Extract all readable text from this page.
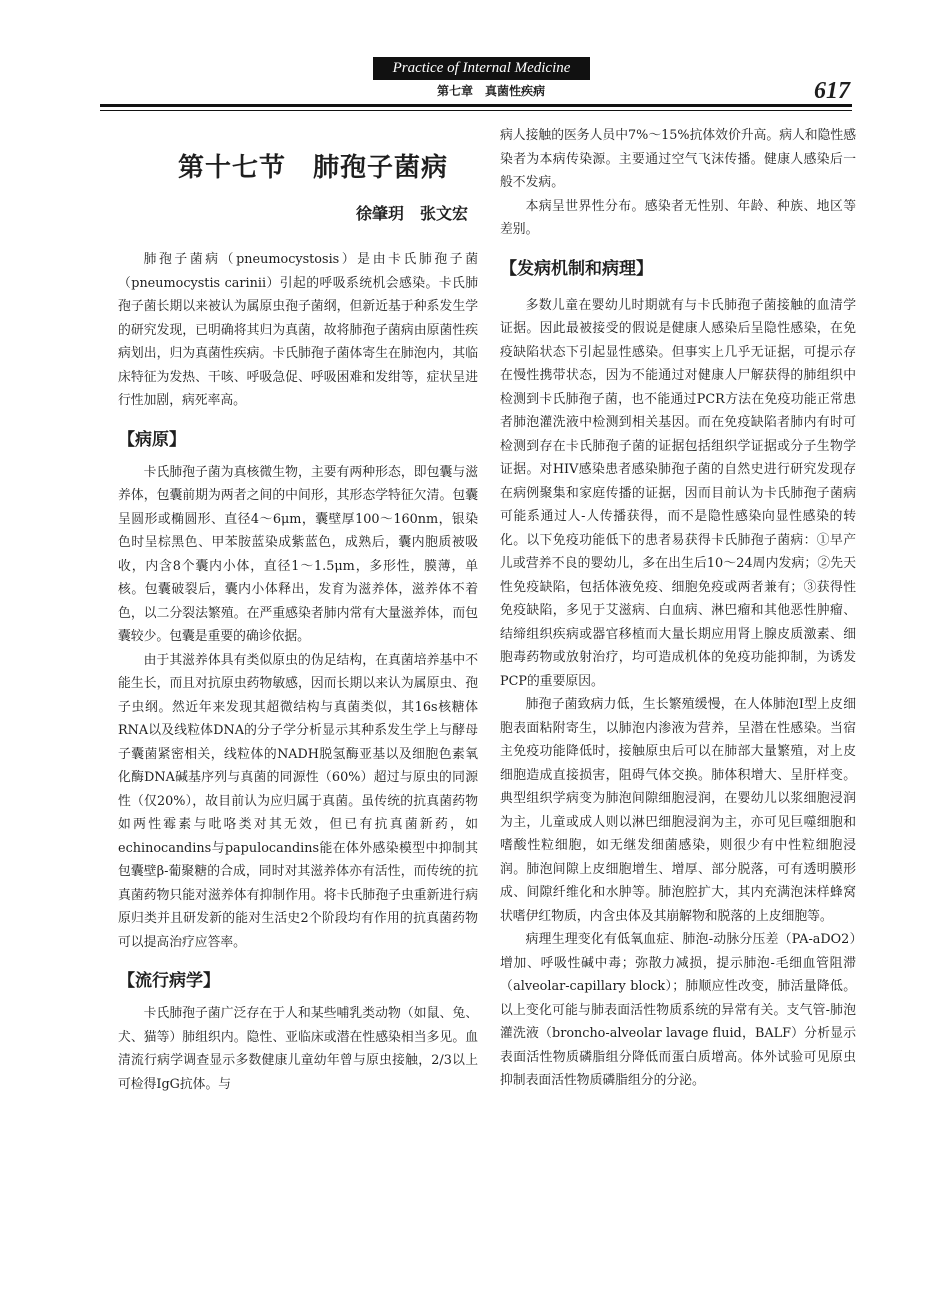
Practice of Internal Medicine
第七章　真菌性疾病	617
第十七节　肺孢子菌病
徐肇玥　张文宏

肺孢子菌病（pneumocystosis）是由卡氏肺孢子菌（pneumocystis carinii）引起的呼吸系统机会感染。卡氏肺孢子菌长期以来被认为属原虫孢子菌纲，但新近基于种系发生学的研究发现，已明确将其归为真菌，故将肺孢子菌病由原菌性疾病划出，归为真菌性疾病。卡氏肺孢子菌体寄生在肺泡内，其临床特征为发热、干咳、呼吸急促、呼吸困难和发绀等，症状呈进行性加剧，病死率高。

【病原】

卡氏肺孢子菌为真核微生物，主要有两种形态，即包囊与滋养体，包囊前期为两者之间的中间形，其形态学特征欠清。包囊呈圆形或椭圆形、直径4～6μm，囊壁厚100～160nm，银染色时呈棕黑色、甲苯胺蓝染成紫蓝色，成熟后，囊内胞质被吸收，内含8个囊内小体，直径1～1.5μm，多形性，膜薄，单核。包囊破裂后，囊内小体释出，发育为滋养体，滋养体不着色，以二分裂法繁殖。在严重感染者肺内常有大量滋养体，而包囊较少。包囊是重要的确诊依据。

由于其滋养体具有类似原虫的伪足结构，在真菌培养基中不能生长，而且对抗原虫药物敏感，因而长期以来认为属原虫、孢子虫纲。然近年来发现其超微结构与真菌类似，其16s核糖体RNA以及线粒体DNA的分子学分析显示其种系发生学上与酵母子囊菌紧密相关，线粒体的NADH脱氢酶亚基以及细胞色素氧化酶DNA碱基序列与真菌的同源性（60%）超过与原虫的同源性（仅20%），故目前认为应归属于真菌。虽传统的抗真菌药物如两性霉素与吡咯类对其无效，但已有抗真菌新药，如echinocandins与papulocandins能在体外感染模型中抑制其包囊壁β-葡聚糖的合成，同时对其滋养体亦有活性，而传统的抗真菌药物只能对滋养体有抑制作用。将卡氏肺孢子虫重新进行病原归类并且研发新的能对生活史2个阶段均有作用的抗真菌药物可以提高治疗应答率。

【流行病学】

卡氏肺孢子菌广泛存在于人和某些哺乳类动物（如鼠、兔、犬、猫等）肺组织内。隐性、亚临床或潜在性感染相当多见。血清流行病学调查显示多数健康儿童幼年曾与原虫接触，2/3以上可检得IgG抗体。与

病人接触的医务人员中7%～15%抗体效价升高。病人和隐性感染者为本病传染源。主要通过空气飞沫传播。健康人感染后一般不发病。

本病呈世界性分布。感染者无性别、年龄、种族、地区等差别。

【发病机制和病理】

多数儿童在婴幼儿时期就有与卡氏肺孢子菌接触的血清学证据。因此最被接受的假说是健康人感染后呈隐性感染，在免疫缺陷状态下引起显性感染。但事实上几乎无证据，可提示存在慢性携带状态，因为不能通过对健康人尸解获得的肺组织中检测到卡氏肺孢子菌，也不能通过PCR方法在免疫功能正常患者肺泡灌洗液中检测到相关基因。而在免疫缺陷者肺内有时可检测到存在卡氏肺孢子菌的证据包括组织学证据或分子生物学证据。对HIV感染患者感染肺孢子菌的自然史进行研究发现存在病例聚集和家庭传播的证据，因而目前认为卡氏肺孢子菌病可能系通过人-人传播获得，而不是隐性感染向显性感染的转化。以下免疫功能低下的患者易获得卡氏肺孢子菌病：①早产儿或营养不良的婴幼儿，多在出生后10～24周内发病；②先天性免疫缺陷，包括体液免疫、细胞免疫或两者兼有；③获得性免疫缺陷，多见于艾滋病、白血病、淋巴瘤和其他恶性肿瘤、结缔组织疾病或器官移植而大量长期应用肾上腺皮质激素、细胞毒药物或放射治疗，均可造成机体的免疫功能抑制，为诱发PCP的重要原因。

肺孢子菌致病力低，生长繁殖缓慢，在人体肺泡Ⅰ型上皮细胞表面粘附寄生，以肺泡内渗液为营养，呈潜在性感染。当宿主免疫功能降低时，接触原虫后可以在肺部大量繁殖，对上皮细胞造成直接损害，阻碍气体交换。肺体积增大、呈肝样变。典型组织学病变为肺泡间隙细胞浸润，在婴幼儿以浆细胞浸润为主，儿童或成人则以淋巴细胞浸润为主，亦可见巨噬细胞和嗜酸性粒细胞，如无继发细菌感染，则很少有中性粒细胞浸润。肺泡间隙上皮细胞增生、增厚、部分脱落，可有透明膜形成、间隙纤维化和水肿等。肺泡腔扩大，其内充满泡沫样蜂窝状嗜伊红物质，内含虫体及其崩解物和脱落的上皮细胞等。

病理生理变化有低氧血症、肺泡-动脉分压差（PA-aDO2）增加、呼吸性碱中毒；弥散力减损，提示肺泡-毛细血管阻滞（alveolar-capillary block）；肺顺应性改变，肺活量降低。以上变化可能与肺表面活性物质系统的异常有关。支气管-肺泡灌洗液（broncho-alveolar lavage fluid，BALF）分析显示表面活性物质磷脂组分降低而蛋白质增高。体外试验可见原虫抑制表面活性物质磷脂组分的分泌。
